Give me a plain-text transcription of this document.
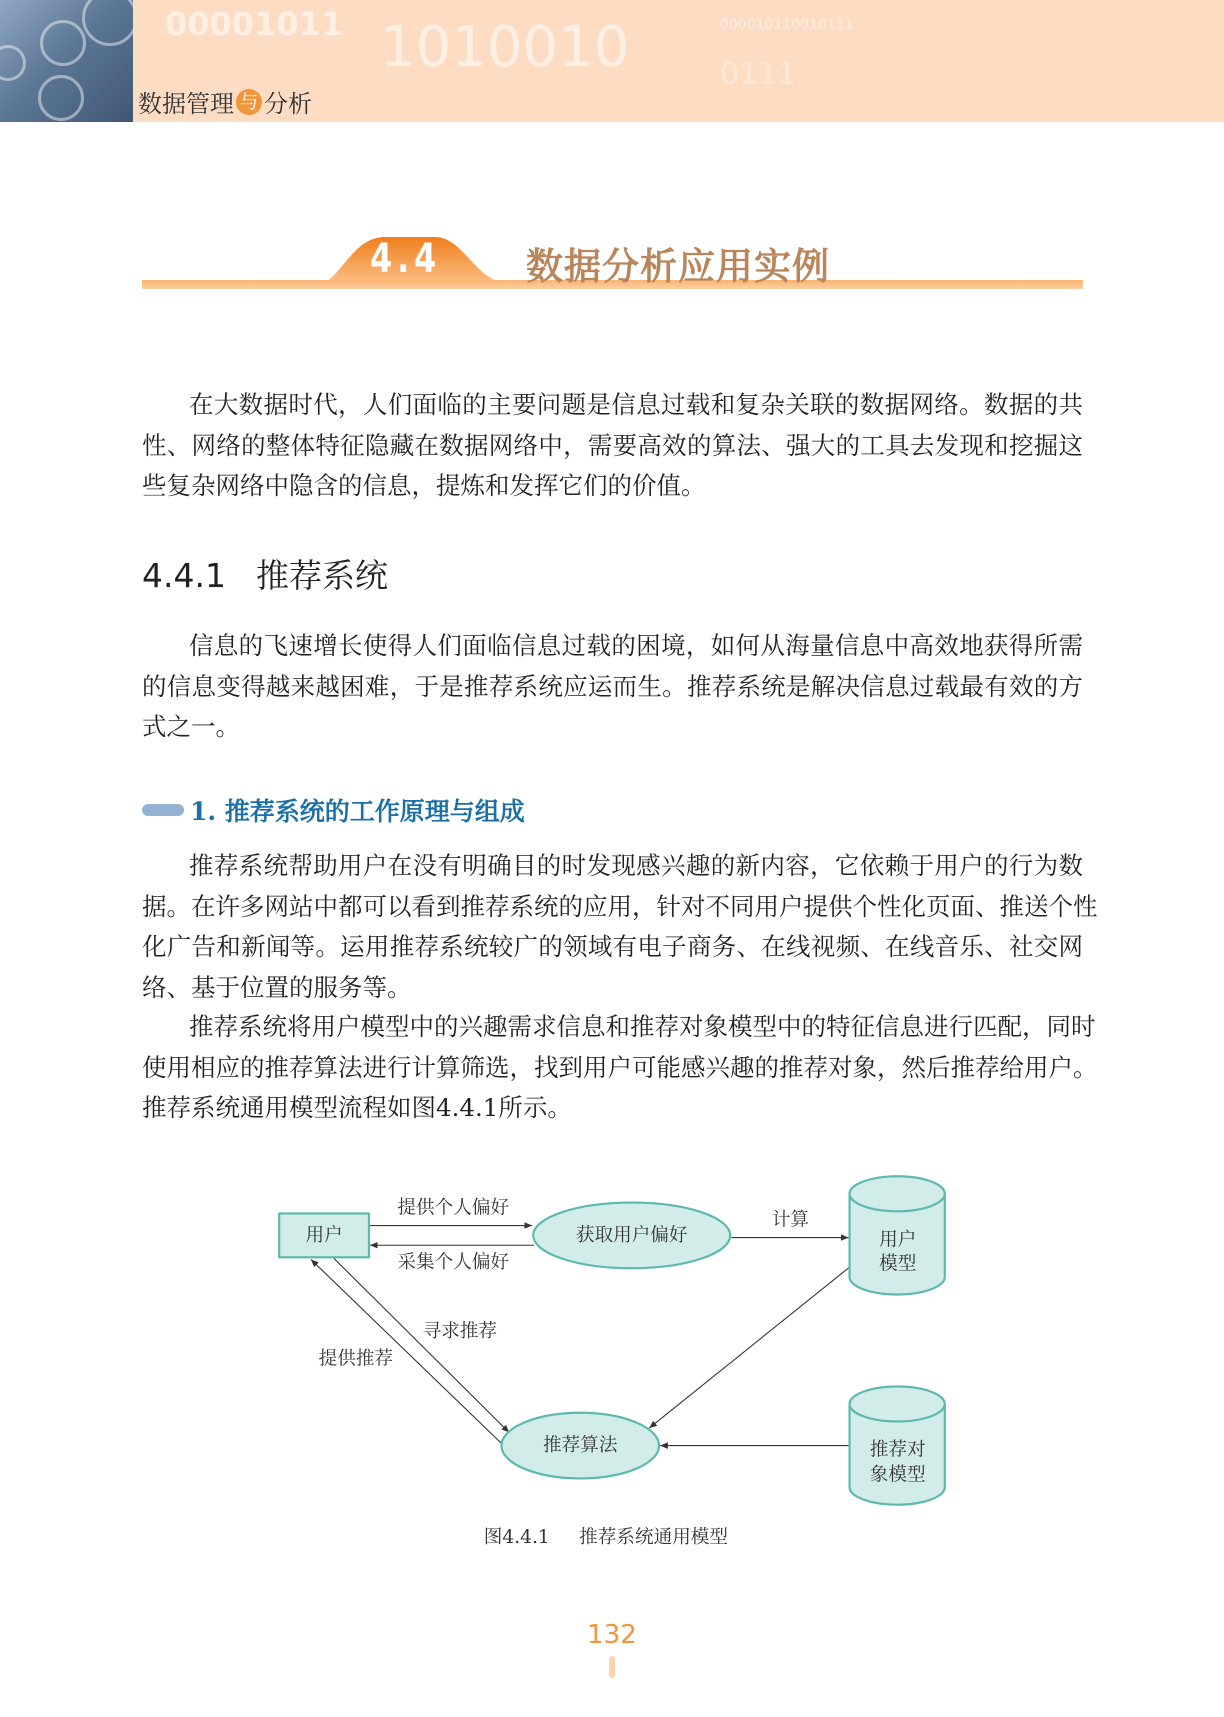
00001011 1010010	000010110010111
0111
数据管理 与 分析
4.4 数据分析应用实例
在大数据时代，人们面临的主要问题是信息过载和复杂关联的数据网络。数据的共
性、网络的整体特征隐藏在数据网络中，需要高效的算法、强大的工具去发现和挖掘这
些复杂网络中隐含的信息，提炼和发挥它们的价值。
4.4.1 推荐系统
信息的飞速增长使得人们面临信息过载的困境，如何从海量信息中高效地获得所需
的信息变得越来越困难，于是推荐系统应运而生。推荐系统是解决信息过载最有效的方
式之一。
1. 推荐系统的工作原理与组成
推荐系统帮助用户在没有明确目的时发现感兴趣的新内容，它依赖于用户的行为数
据。在许多网站中都可以看到推荐系统的应用，针对不同用户提供个性化页面、推送个性
化广告和新闻等。运用推荐系统较广的领域有电子商务、在线视频、在线音乐、社交网
络、基于位置的服务等。
推荐系统将用户模型中的兴趣需求信息和推荐对象模型中的特征信息进行匹配，同时
使用相应的推荐算法进行计算筛选，找到用户可能感兴趣的推荐对象，然后推荐给用户。
推荐系统通用模型流程如图4.4.1所示。
用户	获取用户偏好	用户
模型
推荐算法	推荐对
象模型
提供个人偏好
采集个人偏好
计算
寻求推荐
提供推荐
图4.4.1 推荐系统通用模型
132
